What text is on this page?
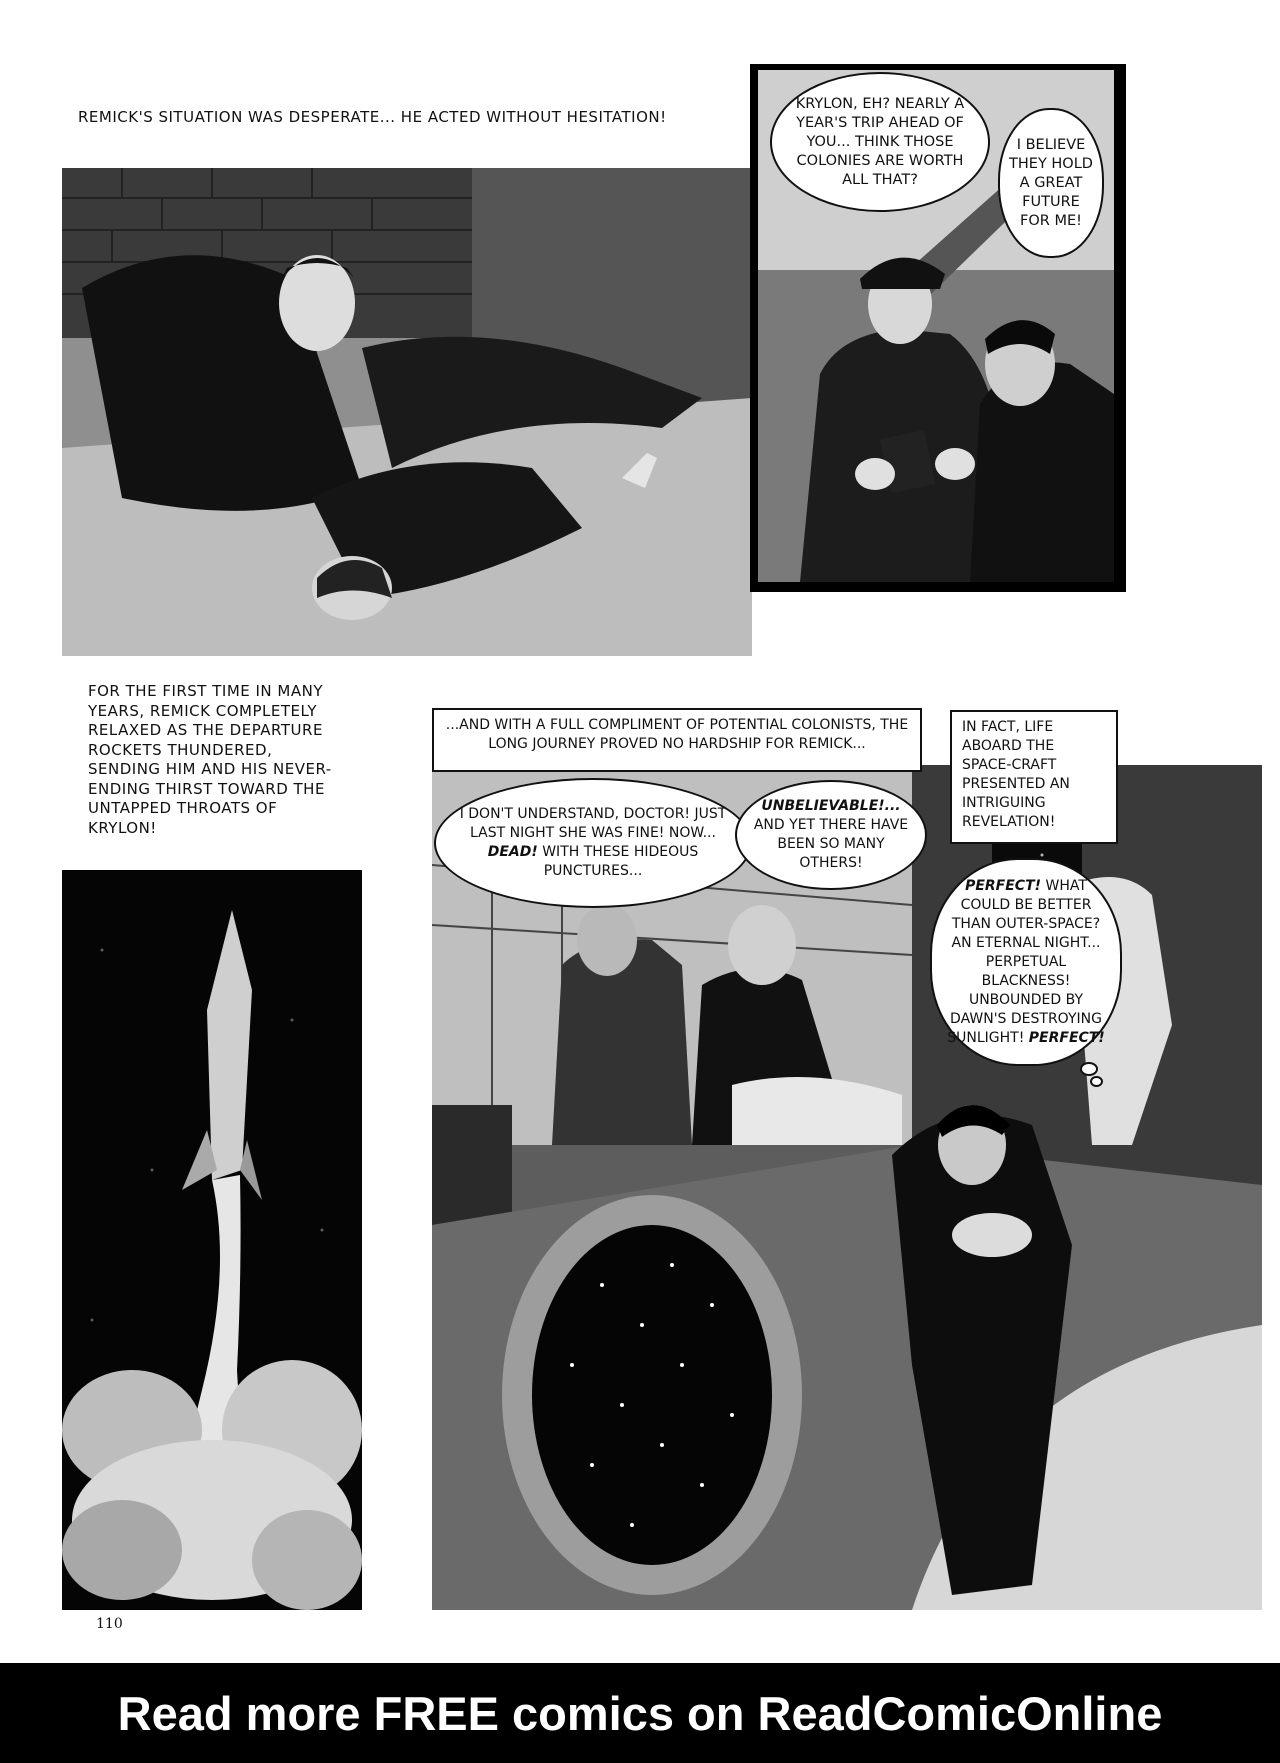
REMICK'S SITUATION WAS DESPERATE... HE ACTED WITHOUT HESITATION!
KRYLON, EH? NEARLY A YEAR'S TRIP AHEAD OF YOU... THINK THOSE COLONIES ARE WORTH ALL THAT?
I BELIEVE THEY HOLD A GREAT FUTURE FOR ME!
FOR THE FIRST TIME IN MANY YEARS, REMICK COMPLETELY RELAXED AS THE DEPARTURE ROCKETS THUNDERED, SENDING HIM AND HIS NEVER-ENDING THIRST TOWARD THE UNTAPPED THROATS OF KRYLON!
...AND WITH A FULL COMPLIMENT OF POTENTIAL COLONISTS, THE LONG JOURNEY PROVED NO HARDSHIP FOR REMICK...
I DON'T UNDERSTAND, DOCTOR! JUST LAST NIGHT SHE WAS FINE! NOW... DEAD! WITH THESE HIDEOUS PUNCTURES...
UNBELIEVABLE!... AND YET THERE HAVE BEEN SO MANY OTHERS!
IN FACT, LIFE ABOARD THE SPACE-CRAFT PRESENTED AN INTRIGUING REVELATION!
PERFECT! WHAT COULD BE BETTER THAN OUTER-SPACE? AN ETERNAL NIGHT... PERPETUAL BLACKNESS! UNBOUNDED BY DAWN'S DESTROYING SUNLIGHT! PERFECT!
110
Read more FREE comics on ReadComicOnline
